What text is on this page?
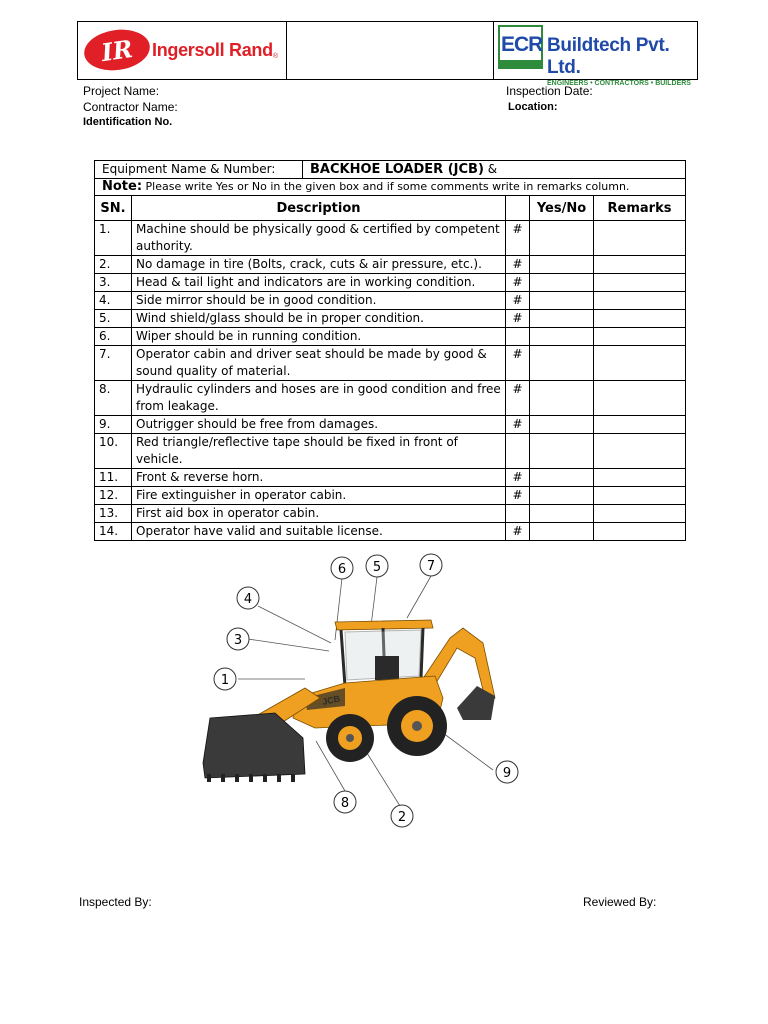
IR Ingersoll Rand ®
ECR Buildtech Pvt. Ltd.
ENGINEERS • CONTRACTORS • BUILDERS
Project Name:
Contractor Name:
Identification No.
Inspection Date:
Location:
Equipment Name & Number: BACKHOE LOADER (JCB) &				

Note: Please write Yes or No in the given box and if some comments write in remarks column.				
SN.	Description		Yes/No	Remarks
1.	Machine should be physically good & certified by competent authority.	#		
2.	No damage in tire (Bolts, crack, cuts & air pressure, etc.).	#		
3.	Head & tail light and indicators are in working condition.	#		
4.	Side mirror should be in good condition.	#		
5.	Wind shield/glass should be in proper condition.	#		
6.	Wiper should be in running condition.			
7.	Operator cabin and driver seat should be made by good & sound quality of material.	#		
8.	Hydraulic cylinders and hoses are in good condition and free from leakage.	#		
9.	Outrigger should be free from damages.	#		
10.	Red triangle/reflective tape should be fixed in front of vehicle.			
11.	Front & reverse horn.	#		
12.	Fire extinguisher in operator cabin.	#		
13.	First aid box in operator cabin.			
14.	Operator have valid and suitable license.	#		
JCB
6 5	7
4
3
1
9
8
2
Inspected By:	Reviewed By:
